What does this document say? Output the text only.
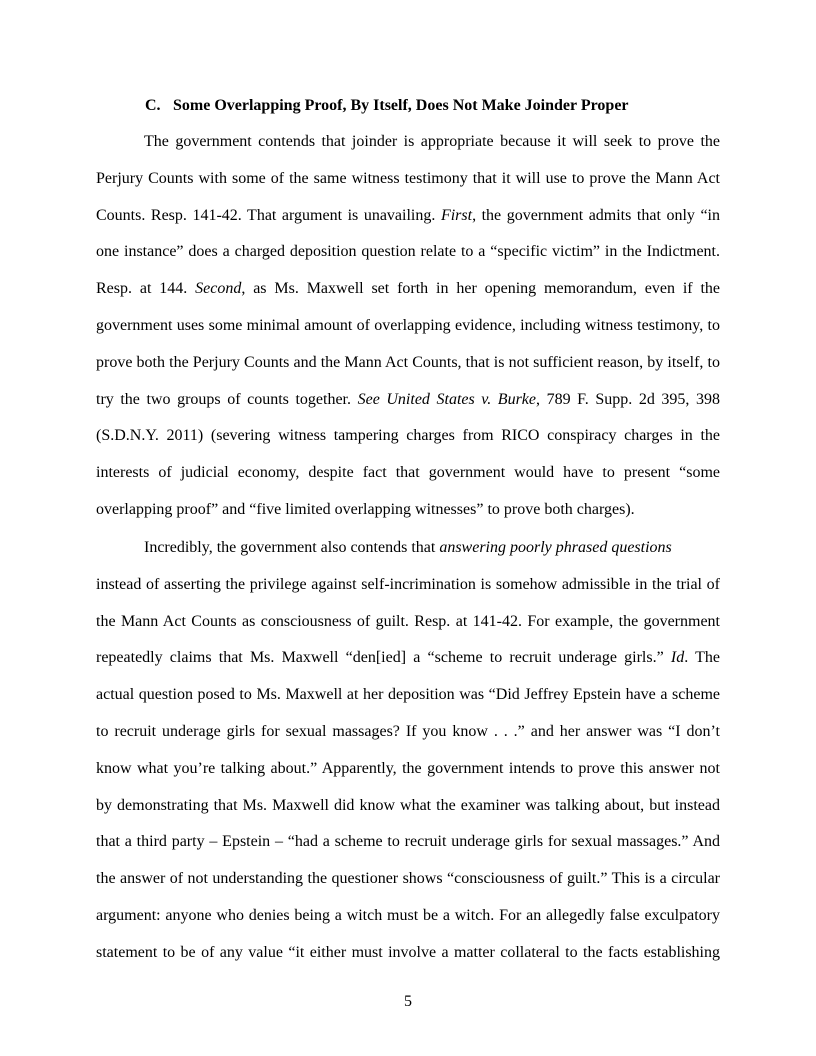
C. Some Overlapping Proof, By Itself, Does Not Make Joinder Proper
The government contends that joinder is appropriate because it will seek to prove the
Perjury Counts with some of the same witness testimony that it will use to prove the Mann Act
Counts. Resp. 141-42. That argument is unavailing. First, the government admits that only “in
one instance” does a charged deposition question relate to a “specific victim” in the Indictment.
Resp. at 144. Second, as Ms. Maxwell set forth in her opening memorandum, even if the
government uses some minimal amount of overlapping evidence, including witness testimony, to
prove both the Perjury Counts and the Mann Act Counts, that is not sufficient reason, by itself, to
try the two groups of counts together. See United States v. Burke, 789 F. Supp. 2d 395, 398
(S.D.N.Y. 2011) (severing witness tampering charges from RICO conspiracy charges in the
interests of judicial economy, despite fact that government would have to present “some
overlapping proof” and “five limited overlapping witnesses” to prove both charges).
Incredibly, the government also contends that answering poorly phrased questions
instead of asserting the privilege against self-incrimination is somehow admissible in the trial of
the Mann Act Counts as consciousness of guilt. Resp. at 141-42. For example, the government
repeatedly claims that Ms. Maxwell “den[ied] a “scheme to recruit underage girls.” Id. The
actual question posed to Ms. Maxwell at her deposition was “Did Jeffrey Epstein have a scheme
to recruit underage girls for sexual massages? If you know . . .” and her answer was “I don’t
know what you’re talking about.” Apparently, the government intends to prove this answer not
by demonstrating that Ms. Maxwell did know what the examiner was talking about, but instead
that a third party – Epstein – “had a scheme to recruit underage girls for sexual massages.” And
the answer of not understanding the questioner shows “consciousness of guilt.” This is a circular
argument: anyone who denies being a witch must be a witch. For an allegedly false exculpatory
statement to be of any value “it either must involve a matter collateral to the facts establishing
5
